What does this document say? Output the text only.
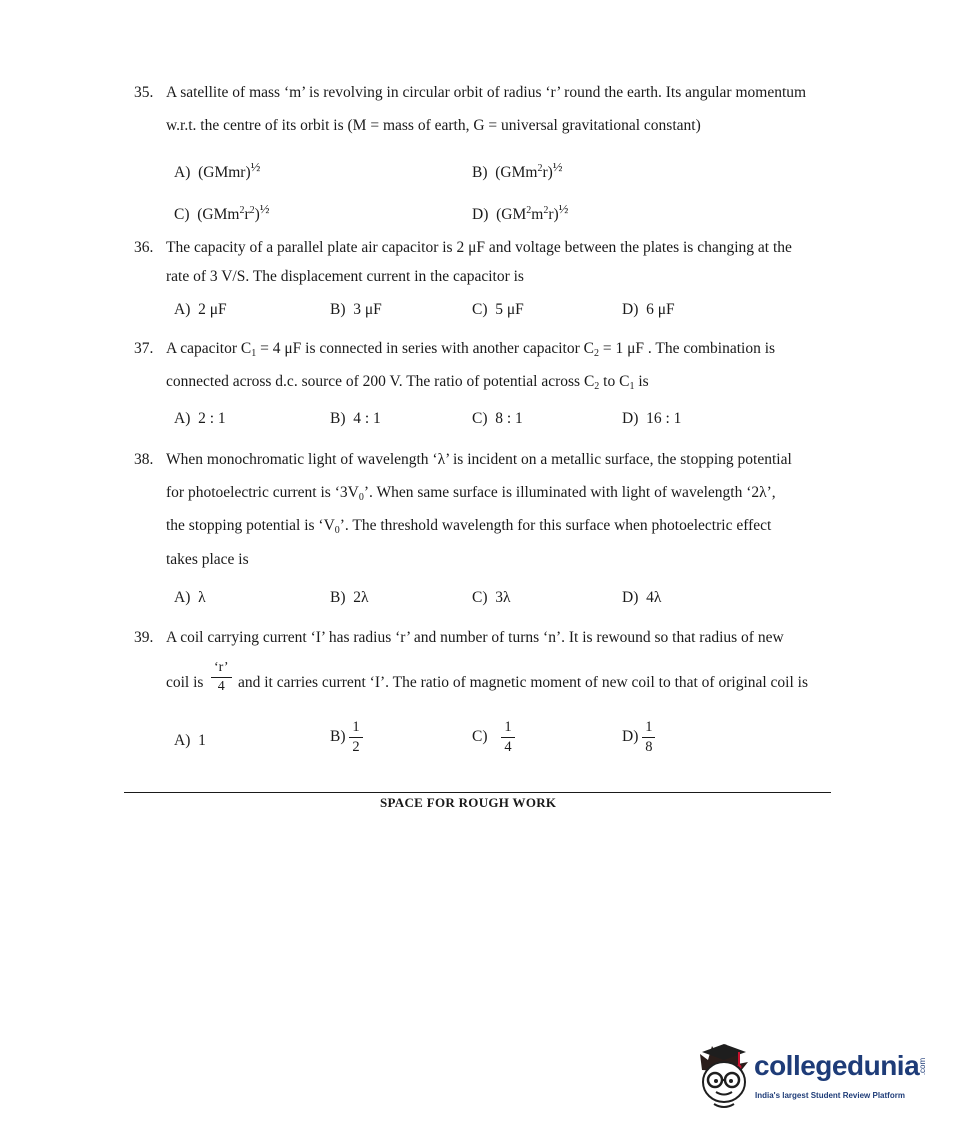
35. A satellite of mass ‘m’ is revolving in circular orbit of radius ‘r’ round the earth. Its angular momentum
w.r.t. the centre of its orbit is (M = mass of earth, G = universal gravitational constant)
A) (GMmr)$^{\frac{1}{2}}$	B) $(GMm^2r)^{\frac{1}{2}}$
C) $(GMm^2r^2)^{\frac{1}{2}}$	D) $(GM^2m^2r)^{\frac{1}{2}}$
36. The capacity of a parallel plate air capacitor is 2 μF and voltage between the plates is changing at the
rate of 3 V/S. The displacement current in the capacitor is
A) 2 μF	B) 3 μF	C) 5 μF	D) 6 μF
37. A capacitor $C_1 = 4$ μF is connected in series with another capacitor $C_2 = 1$ μF . The combination is
connected across d.c. source of 200 V. The ratio of potential across $C_2$ to $C_1$ is
A) 2 : 1	B) 4 : 1	C) 8 : 1	D) 16 : 1
38. When monochromatic light of wavelength ‘λ’ is incident on a metallic surface, the stopping potential
for photoelectric current is ‘$3V_0$’. When same surface is illuminated with light of wavelength ‘2λ’,
the stopping potential is ‘$V_0$’. The threshold wavelength for this surface when photoelectric effect
takes place is
A) λ	B) 2λ	C) 3λ	D) 4λ
39. A coil carrying current ‘I’ has radius ‘r’ and number of turns ‘n’. It is rewound so that radius of new
coil is $\frac{‘r’}{4}$ and it carries current ‘I’. The ratio of magnetic moment of new coil to that of original coil is
A) 1	$B) \frac{1}{2}$	$C) \frac{1}{4}$	$D) \frac{1}{8}$
SPACE FOR ROUGH WORK
collegedunia .com
India's largest Student Review Platform
